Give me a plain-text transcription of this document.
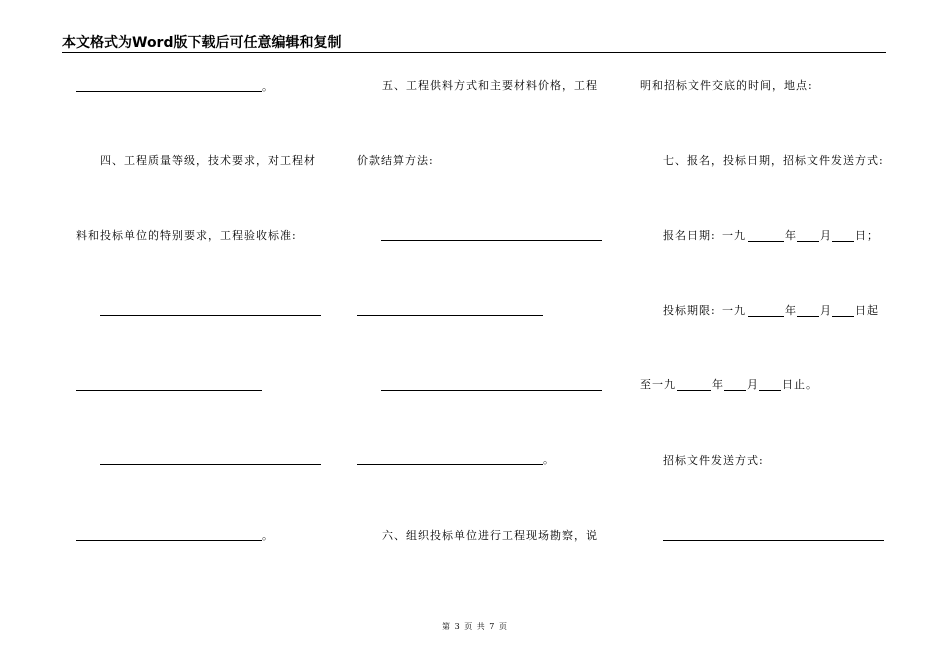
本文格式为Word版下载后可任意编辑和复制
。
四、工程质量等级，技术要求，对工程材
料和投标单位的特别要求，工程验收标准:
。
五、工程供料方式和主要材料价格，工程
价款结算方法:
。
六、组织投标单位进行工程现场勘察，说
明和招标文件交底的时间，地点:
七、报名，投标日期，招标文件发送方式:
报名日期: 一九	年 月 日 ；
投标期限: 一九	年 月 日起
至一九	年 月 日止。
招标文件发送方式:
第 3 页 共 7 页
